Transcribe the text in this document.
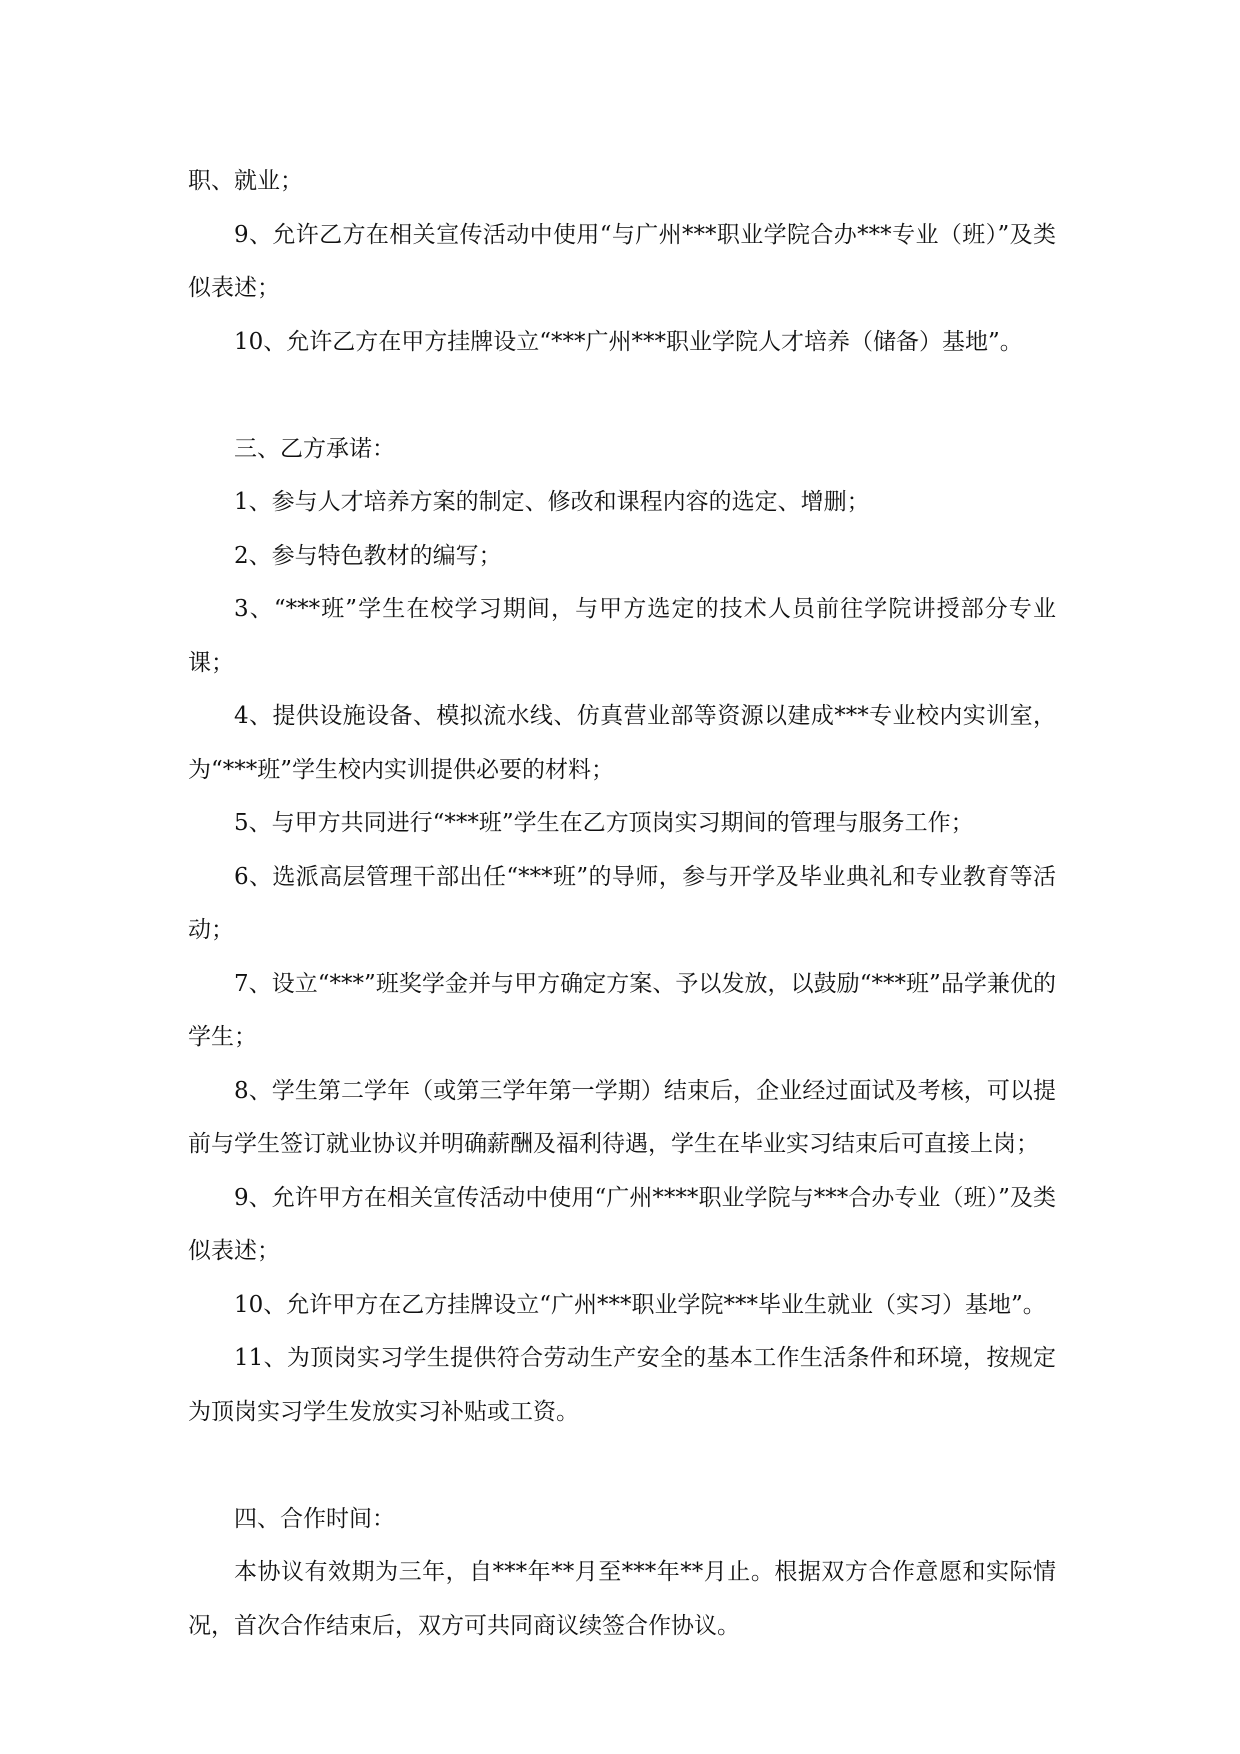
职、就业；

9、允许乙方在相关宣传活动中使用“与广州***职业学院合办***专业（班）”及类似表述；

10、允许乙方在甲方挂牌设立“***广州***职业学院人才培养（储备）基地”。

三、乙方承诺：

1、参与人才培养方案的制定、修改和课程内容的选定、增删；

2、参与特色教材的编写；

3、“***班”学生在校学习期间，与甲方选定的技术人员前往学院讲授部分专业课；

4、提供设施设备、模拟流水线、仿真营业部等资源以建成***专业校内实训室，为“***班”学生校内实训提供必要的材料；

5、与甲方共同进行“***班”学生在乙方顶岗实习期间的管理与服务工作；

6、选派高层管理干部出任“***班”的导师，参与开学及毕业典礼和专业教育等活动；

7、设立“***”班奖学金并与甲方确定方案、予以发放，以鼓励“***班”品学兼优的学生；

8、学生第二学年（或第三学年第一学期）结束后，企业经过面试及考核，可以提前与学生签订就业协议并明确薪酬及福利待遇，学生在毕业实习结束后可直接上岗；

9、允许甲方在相关宣传活动中使用“广州****职业学院与***合办专业（班）”及类似表述；

10、允许甲方在乙方挂牌设立“广州***职业学院***毕业生就业（实习）基地”。

11、为顶岗实习学生提供符合劳动生产安全的基本工作生活条件和环境，按规定为顶岗实习学生发放实习补贴或工资。

四、合作时间：

本协议有效期为三年，自***年**月至***年**月止。根据双方合作意愿和实际情况，首次合作结束后，双方可共同商议续签合作协议。
